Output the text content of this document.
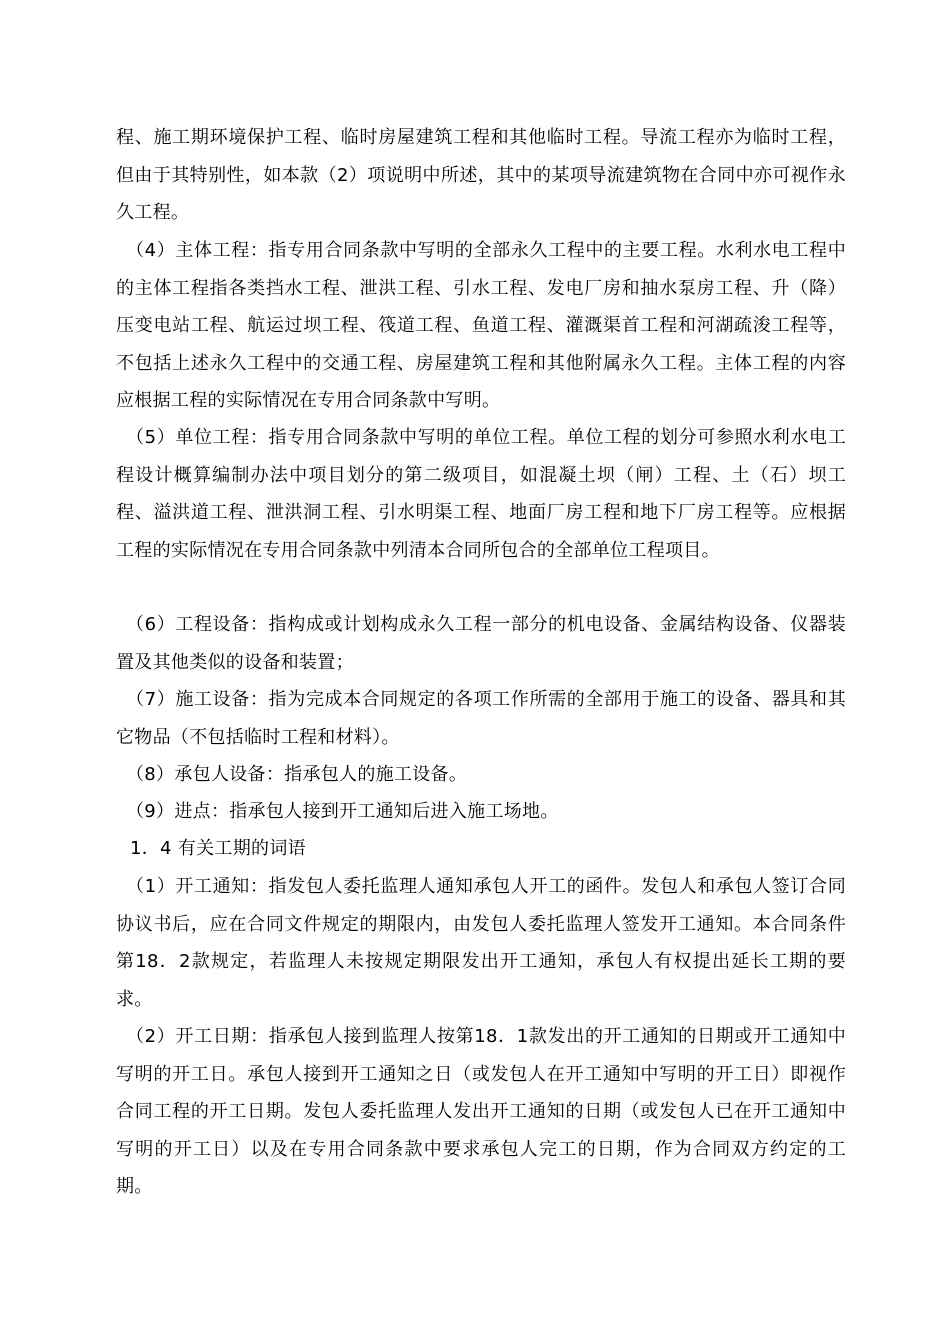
程、施工期环境保护工程、临时房屋建筑工程和其他临时工程。导流工程亦为临时工程，但由于其特别性，如本款（2）项说明中所述，其中的某项导流建筑物在合同中亦可视作永久工程。

（4）主体工程：指专用合同条款中写明的全部永久工程中的主要工程。水利水电工程中的主体工程指各类挡水工程、泄洪工程、引水工程、发电厂房和抽水泵房工程、升（降）压变电站工程、航运过坝工程、筏道工程、鱼道工程、灌溉渠首工程和河湖疏浚工程等，不包括上述永久工程中的交通工程、房屋建筑工程和其他附属永久工程。主体工程的内容应根据工程的实际情况在专用合同条款中写明。

（5）单位工程：指专用合同条款中写明的单位工程。单位工程的划分可参照水利水电工程设计概算编制办法中项目划分的第二级项目，如混凝土坝（闸）工程、土（石）坝工程、溢洪道工程、泄洪洞工程、引水明渠工程、地面厂房工程和地下厂房工程等。应根据工程的实际情况在专用合同条款中列清本合同所包合的全部单位工程项目。

（6）工程设备：指构成或计划构成永久工程一部分的机电设备、金属结构设备、仪器装置及其他类似的设备和装置；

（7）施工设备：指为完成本合同规定的各项工作所需的全部用于施工的设备、器具和其它物品（不包括临时工程和材料）。

（8）承包人设备：指承包人的施工设备。

（9）进点：指承包人接到开工通知后进入施工场地。

1．4 有关工期的词语

（1）开工通知：指发包人委托监理人通知承包人开工的函件。发包人和承包人签订合同协议书后，应在合同文件规定的期限内，由发包人委托监理人签发开工通知。本合同条件第18．2款规定，若监理人未按规定期限发出开工通知，承包人有权提出延长工期的要求。

（2）开工日期：指承包人接到监理人按第18．1款发出的开工通知的日期或开工通知中写明的开工日。承包人接到开工通知之日（或发包人在开工通知中写明的开工日）即视作合同工程的开工日期。发包人委托监理人发出开工通知的日期（或发包人已在开工通知中写明的开工日）以及在专用合同条款中要求承包人完工的日期，作为合同双方约定的工期。
